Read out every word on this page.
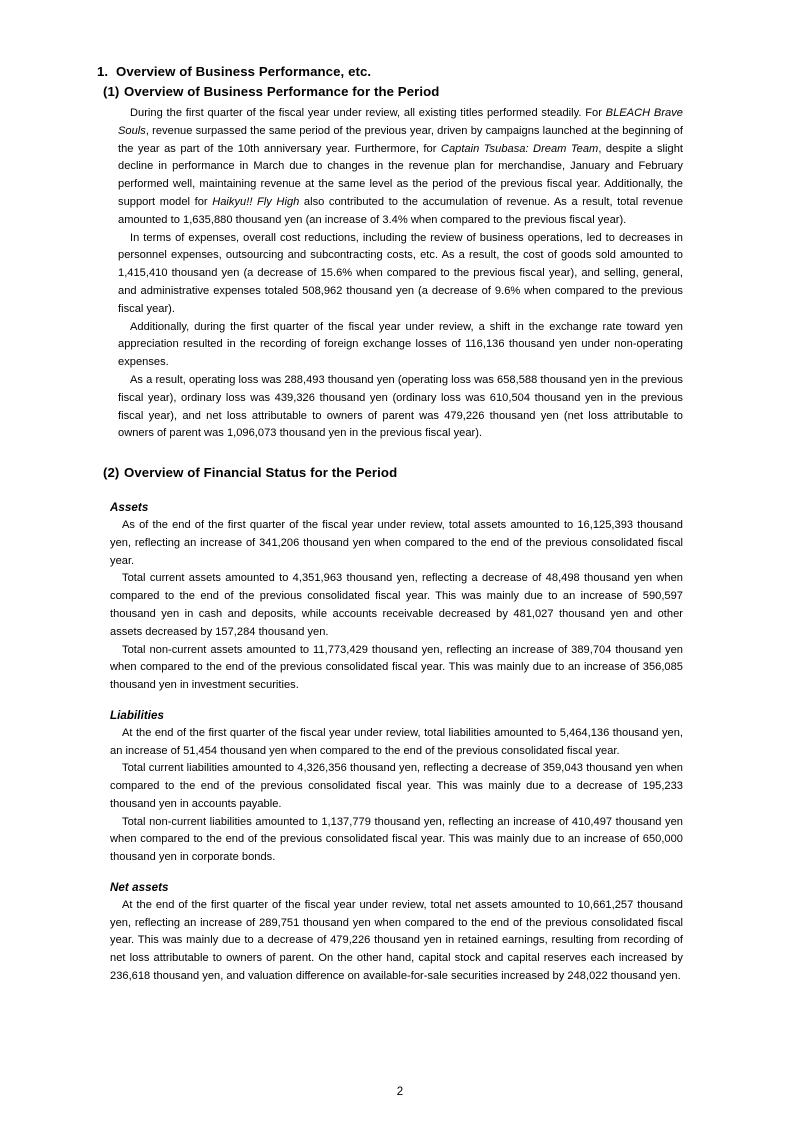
1. Overview of Business Performance, etc.
(1) Overview of Business Performance for the Period

During the first quarter of the fiscal year under review, all existing titles performed steadily. For BLEACH Brave Souls, revenue surpassed the same period of the previous year, driven by campaigns launched at the beginning of the year as part of the 10th anniversary year. Furthermore, for Captain Tsubasa: Dream Team, despite a slight decline in performance in March due to changes in the revenue plan for merchandise, January and February performed well, maintaining revenue at the same level as the period of the previous fiscal year. Additionally, the support model for Haikyu!! Fly High also contributed to the accumulation of revenue. As a result, total revenue amounted to 1,635,880 thousand yen (an increase of 3.4% when compared to the previous fiscal year).

In terms of expenses, overall cost reductions, including the review of business operations, led to decreases in personnel expenses, outsourcing and subcontracting costs, etc. As a result, the cost of goods sold amounted to 1,415,410 thousand yen (a decrease of 15.6% when compared to the previous fiscal year), and selling, general, and administrative expenses totaled 508,962 thousand yen (a decrease of 9.6% when compared to the previous fiscal year).

Additionally, during the first quarter of the fiscal year under review, a shift in the exchange rate toward yen appreciation resulted in the recording of foreign exchange losses of 116,136 thousand yen under non-operating expenses.

As a result, operating loss was 288,493 thousand yen (operating loss was 658,588 thousand yen in the previous fiscal year), ordinary loss was 439,326 thousand yen (ordinary loss was 610,504 thousand yen in the previous fiscal year), and net loss attributable to owners of parent was 479,226 thousand yen (net loss attributable to owners of parent was 1,096,073 thousand yen in the previous fiscal year).

(2) Overview of Financial Status for the Period
Assets

As of the end of the first quarter of the fiscal year under review, total assets amounted to 16,125,393 thousand yen, reflecting an increase of 341,206 thousand yen when compared to the end of the previous consolidated fiscal year.

Total current assets amounted to 4,351,963 thousand yen, reflecting a decrease of 48,498 thousand yen when compared to the end of the previous consolidated fiscal year. This was mainly due to an increase of 590,597 thousand yen in cash and deposits, while accounts receivable decreased by 481,027 thousand yen and other assets decreased by 157,284 thousand yen.

Total non-current assets amounted to 11,773,429 thousand yen, reflecting an increase of 389,704 thousand yen when compared to the end of the previous consolidated fiscal year. This was mainly due to an increase of 356,085 thousand yen in investment securities.

Liabilities

At the end of the first quarter of the fiscal year under review, total liabilities amounted to 5,464,136 thousand yen, an increase of 51,454 thousand yen when compared to the end of the previous consolidated fiscal year.

Total current liabilities amounted to 4,326,356 thousand yen, reflecting a decrease of 359,043 thousand yen when compared to the end of the previous consolidated fiscal year. This was mainly due to a decrease of 195,233 thousand yen in accounts payable.

Total non-current liabilities amounted to 1,137,779 thousand yen, reflecting an increase of 410,497 thousand yen when compared to the end of the previous consolidated fiscal year. This was mainly due to an increase of 650,000 thousand yen in corporate bonds.

Net assets

At the end of the first quarter of the fiscal year under review, total net assets amounted to 10,661,257 thousand yen, reflecting an increase of 289,751 thousand yen when compared to the end of the previous consolidated fiscal year. This was mainly due to a decrease of 479,226 thousand yen in retained earnings, resulting from recording of net loss attributable to owners of parent. On the other hand, capital stock and capital reserves each increased by 236,618 thousand yen, and valuation difference on available-for-sale securities increased by 248,022 thousand yen.

2
